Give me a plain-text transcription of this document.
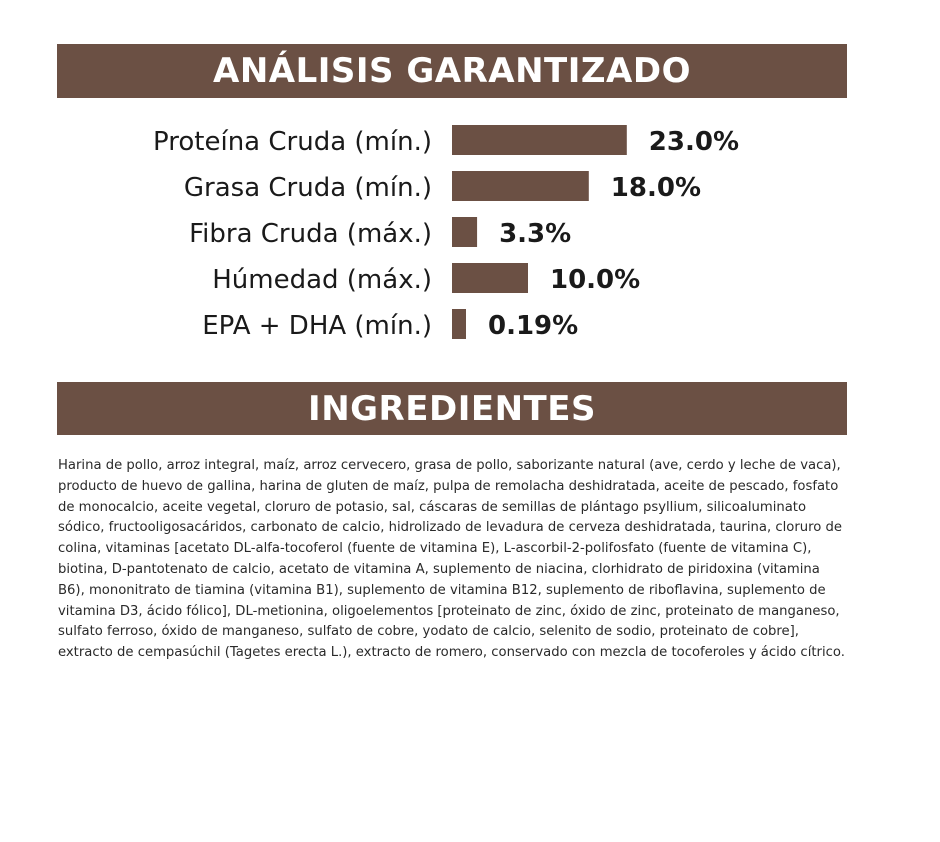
ANÁLISIS GARANTIZADO
Proteína Cruda (mín.)	23.0%
Grasa Cruda (mín.)	18.0%
Fibra Cruda (máx.)	3.3%
Húmedad (máx.)	10.0%
EPA + DHA (mín.) 0.19%
INGREDIENTES

Harina de pollo, arroz integral, maíz, arroz cervecero, grasa de pollo, saborizante natural (ave, cerdo y leche de vaca), producto de huevo de gallina, harina de gluten de maíz, pulpa de remolacha deshidratada, aceite de pescado, fosfato de monocalcio, aceite vegetal, cloruro de potasio, sal, cáscaras de semillas de plántago psyllium, silicoaluminato sódico, fructooligosacáridos, carbonato de calcio, hidrolizado de levadura de cerveza deshidratada, taurina, cloruro de colina, vitaminas [acetato DL-alfa-tocoferol (fuente de vitamina E), L-ascorbil-2-polifosfato (fuente de vitamina C), biotina, D-pantotenato de calcio, acetato de vitamina A, suplemento de niacina, clorhidrato de piridoxina (vitamina B6), mononitrato de tiamina (vitamina B1), suplemento de vitamina B12, suplemento de riboflavina, suplemento de vitamina D3, ácido fólico], DL-metionina, oligoelementos [proteinato de zinc, óxido de zinc, proteinato de manganeso, sulfato ferroso, óxido de manganeso, sulfato de cobre, yodato de calcio, selenito de sodio, proteinato de cobre], extracto de cempasúchil (Tagetes erecta L.), extracto de romero, conservado con mezcla de tocoferoles y ácido cítrico.
